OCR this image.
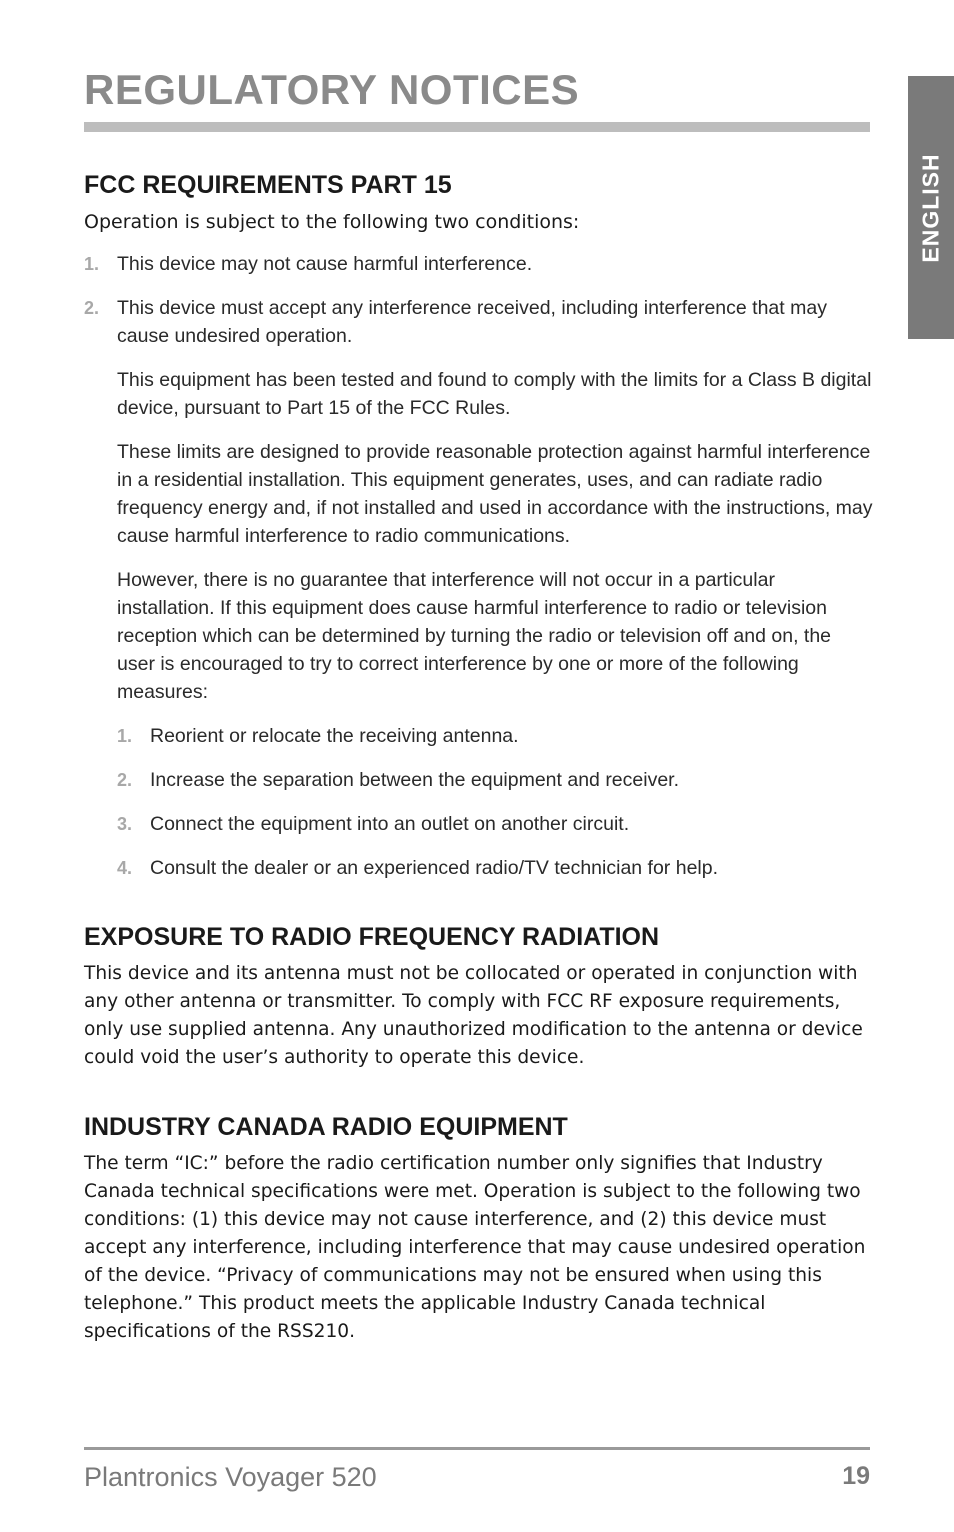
REGULATORY NOTICES
ENGLISH
FCC REQUIREMENTS PART 15

Operation is subject to the following two conditions:

1. This device may not cause harmful interference.
2. This device must accept any interference received, including interference that may cause undesired operation.

This equipment has been tested and found to comply with the limits for a Class B digital device, pursuant to Part 15 of the FCC Rules.

These limits are designed to provide reasonable protection against harmful interference in a residential installation. This equipment generates, uses, and can radiate radio frequency energy and, if not installed and used in accordance with the instructions, may cause harmful interference to radio communications.

However, there is no guarantee that interference will not occur in a particular installation. If this equipment does cause harmful interference to radio or television reception which can be determined by turning the radio or television off and on, the user is encouraged to try to correct interference by one or more of the following measures:

1. Reorient or relocate the receiving antenna.
2. Increase the separation between the equipment and receiver.
3. Connect the equipment into an outlet on another circuit.
4. Consult the dealer or an experienced radio/TV technician for help.
EXPOSURE TO RADIO FREQUENCY RADIATION

This device and its antenna must not be collocated or operated in conjunction with any other antenna or transmitter. To comply with FCC RF exposure requirements, only use supplied antenna. Any unauthorized modification to the antenna or device could void the user’s authority to operate this device.

INDUSTRY CANADA RADIO EQUIPMENT

The term “IC:” before the radio certification number only signifies that Industry Canada technical specifications were met. Operation is subject to the following two conditions: (1) this device may not cause interference, and (2) this device must accept any interference, including interference that may cause undesired operation of the device. “Privacy of communications may not be ensured when using this telephone.” This product meets the applicable Industry Canada technical specifications of the RSS210.

Plantronics Voyager 520	19
